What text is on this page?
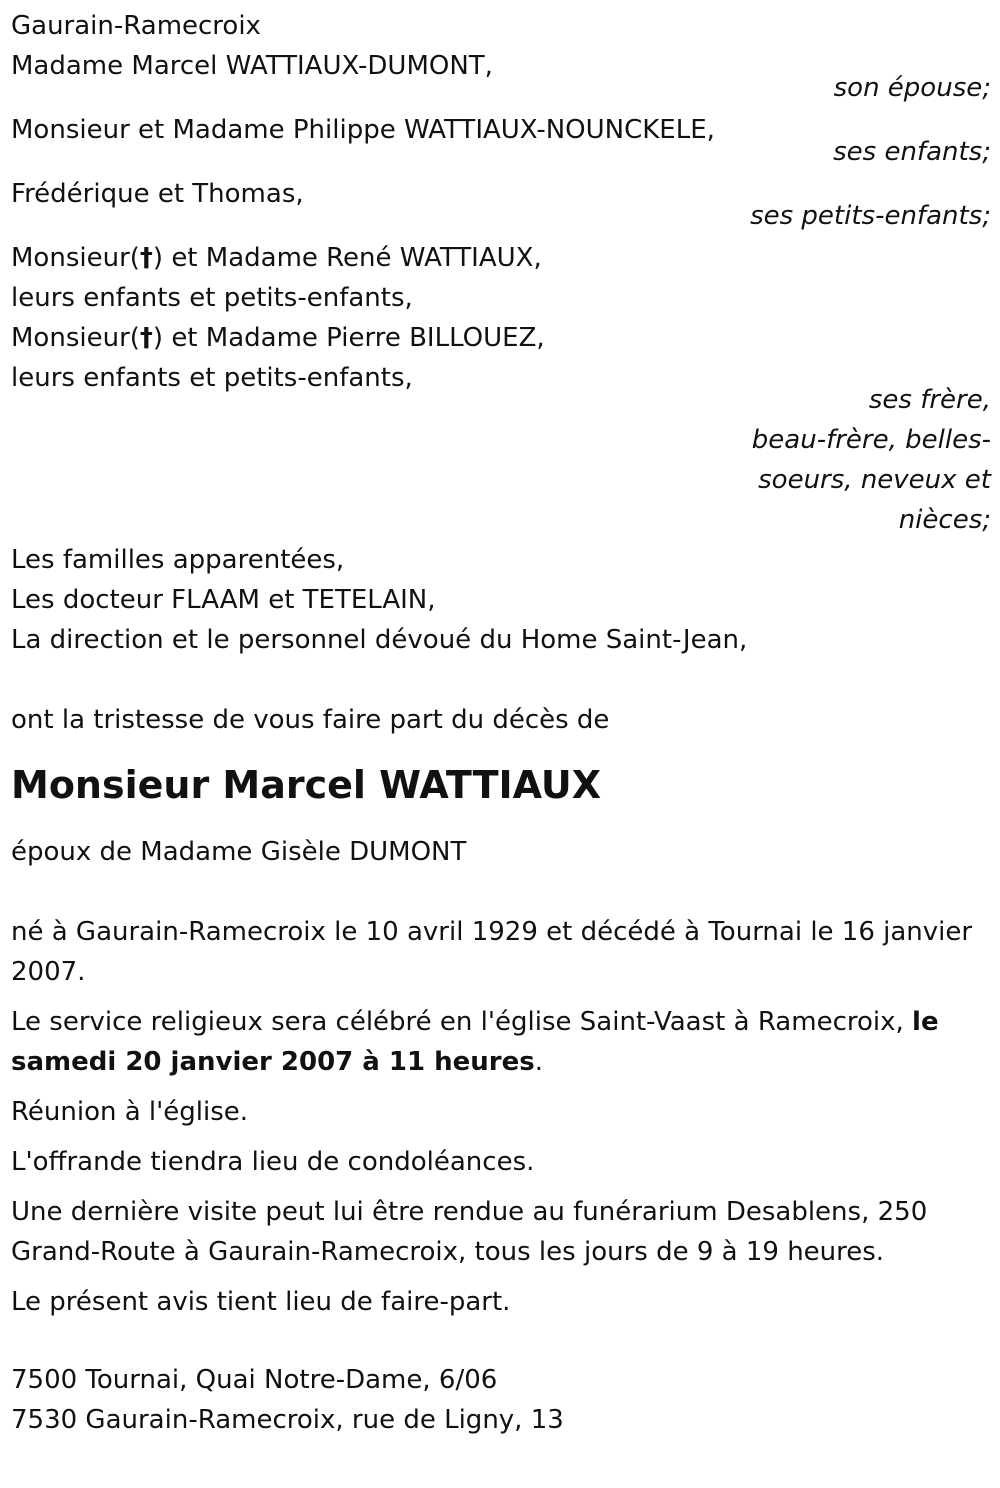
Gaurain-Ramecroix
Madame Marcel WATTIAUX-DUMONT,
son épouse;
Monsieur et Madame Philippe WATTIAUX-NOUNCKELE,
ses enfants;
Frédérique et Thomas,
ses petits-enfants;
Monsieur(†) et Madame René WATTIAUX,
leurs enfants et petits-enfants,
Monsieur(†) et Madame Pierre BILLOUEZ,
leurs enfants et petits-enfants,
ses frère,
beau-frère, belles-
soeurs, neveux et
nièces;
Les familles apparentées,
Les docteur FLAAM et TETELAIN,
La direction et le personnel dévoué du Home Saint-Jean,
ont la tristesse de vous faire part du décès de
Monsieur Marcel WATTIAUX
époux de Madame Gisèle DUMONT
né à Gaurain-Ramecroix le 10 avril 1929 et décédé à Tournai le 16 janvier
2007.
Le service religieux sera célébré en l'église Saint-Vaast à Ramecroix, le
samedi 20 janvier 2007 à 11 heures.
Réunion à l'église.
L'offrande tiendra lieu de condoléances.
Une dernière visite peut lui être rendue au funérarium Desablens, 250
Grand-Route à Gaurain-Ramecroix, tous les jours de 9 à 19 heures.
Le présent avis tient lieu de faire-part.
7500 Tournai, Quai Notre-Dame, 6/06
7530 Gaurain-Ramecroix, rue de Ligny, 13
